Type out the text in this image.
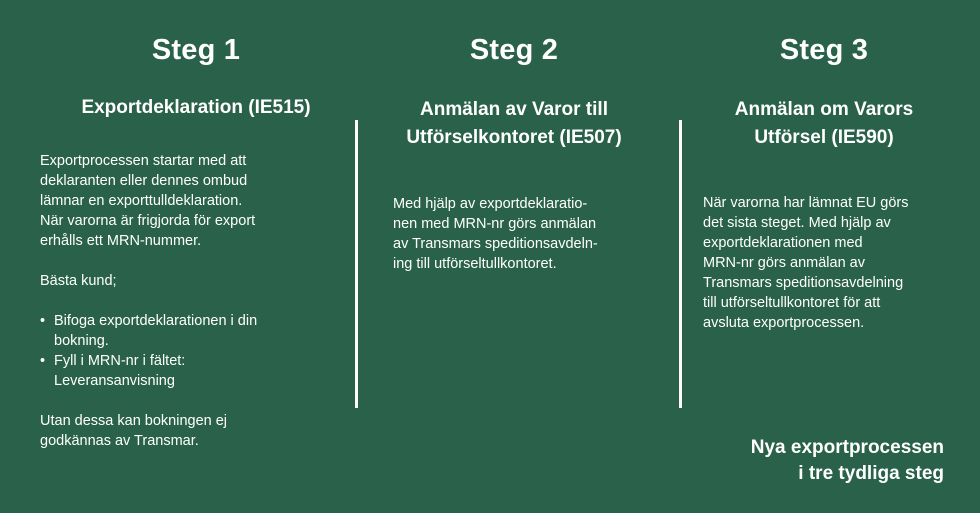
Steg 1
Exportdeklaration (IE515)

Exportprocessen startar med att
deklaranten eller dennes ombud
lämnar en exporttulldeklaration.
När varorna är frigjorda för export
erhålls ett MRN-nummer.

Bästa kund;

• Bifoga exportdeklarationen i din
bokning.
• Fyll i MRN-nr i fältet:
Leveransanvisning

Utan dessa kan bokningen ej
godkännas av Transmar.

Steg 2
Anmälan av Varor till
Utförselkontoret (IE507)
Med hjälp av exportdeklaratio-
nen med MRN-nr görs anmälan
av Transmars speditionsavdeln-
ing till utförseltullkontoret.
Steg 3
Anmälan om Varors
Utförsel (IE590)
När varorna har lämnat EU görs
det sista steget. Med hjälp av
exportdeklarationen med
MRN-nr görs anmälan av
Transmars speditionsavdelning
till utförseltullkontoret för att
avsluta exportprocessen.
Nya exportprocessen
i tre tydliga steg
